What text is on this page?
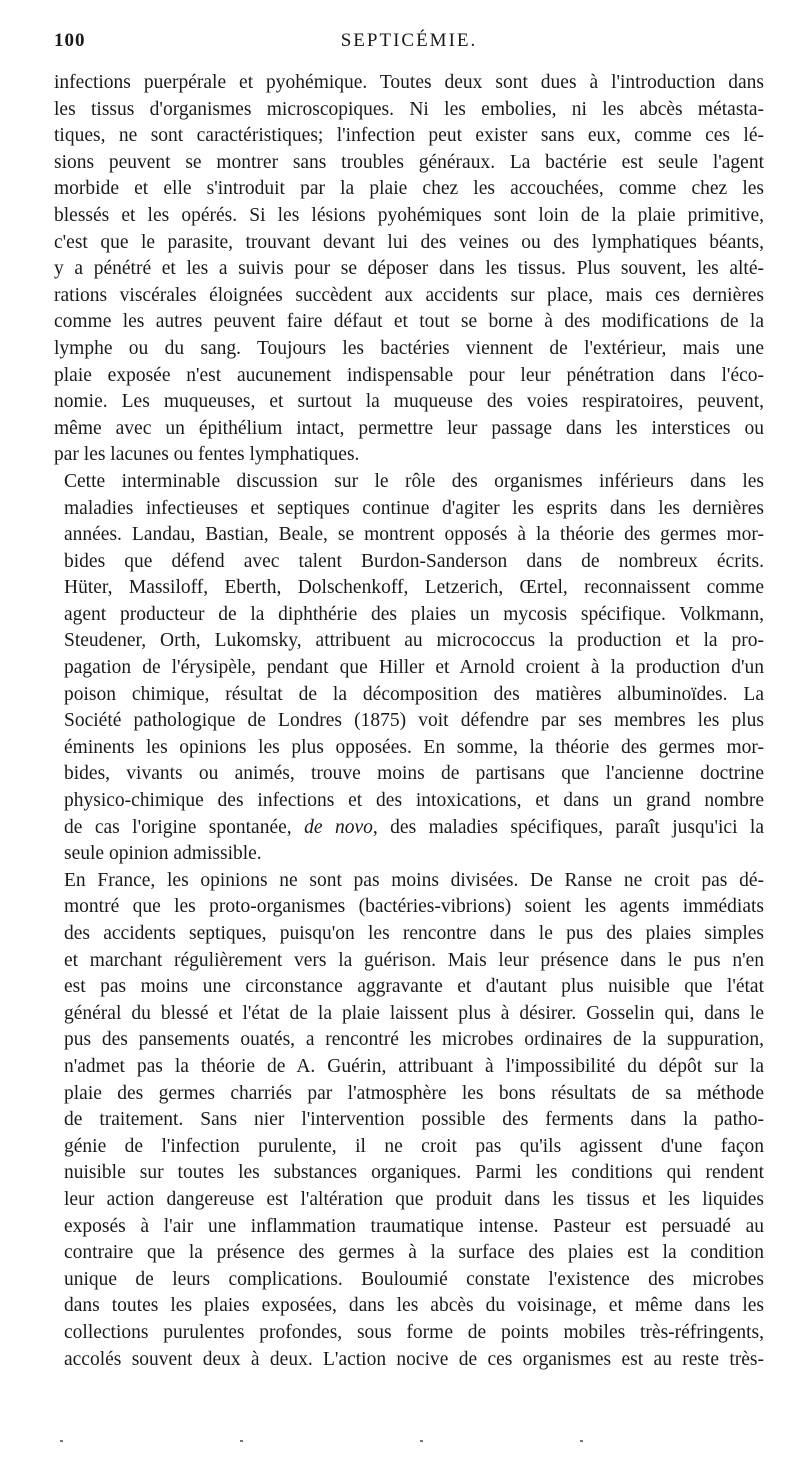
100	SEPTICÉMIE.

infections puerpérale et pyohémique. Toutes deux sont dues à l'introduction dans
les tissus d'organismes microscopiques. Ni les embolies, ni les abcès métasta-
tiques, ne sont caractéristiques; l'infection peut exister sans eux, comme ces lé-
sions peuvent se montrer sans troubles généraux. La bactérie est seule l'agent
morbide et elle s'introduit par la plaie chez les accouchées, comme chez les
blessés et les opérés. Si les lésions pyohémiques sont loin de la plaie primitive,
c'est que le parasite, trouvant devant lui des veines ou des lymphatiques béants,
y a pénétré et les a suivis pour se déposer dans les tissus. Plus souvent, les alté-
rations viscérales éloignées succèdent aux accidents sur place, mais ces dernières
comme les autres peuvent faire défaut et tout se borne à des modifications de la
lymphe ou du sang. Toujours les bactéries viennent de l'extérieur, mais une
plaie exposée n'est aucunement indispensable pour leur pénétration dans l'éco-
nomie. Les muqueuses, et surtout la muqueuse des voies respiratoires, peuvent,
même avec un épithélium intact, permettre leur passage dans les interstices ou
par les lacunes ou fentes lymphatiques.

Cette interminable discussion sur le rôle des organismes inférieurs dans les
maladies infectieuses et septiques continue d'agiter les esprits dans les dernières
années. Landau, Bastian, Beale, se montrent opposés à la théorie des germes mor-
bides que défend avec talent Burdon-Sanderson dans de nombreux écrits.
Hüter, Massiloff, Eberth, Dolschenkoff, Letzerich, Œrtel, reconnaissent comme
agent producteur de la diphthérie des plaies un mycosis spécifique. Volkmann,
Steudener, Orth, Lukomsky, attribuent au micrococcus la production et la pro-
pagation de l'érysipèle, pendant que Hiller et Arnold croient à la production d'un
poison chimique, résultat de la décomposition des matières albuminoïdes. La
Société pathologique de Londres (1875) voit défendre par ses membres les plus
éminents les opinions les plus opposées. En somme, la théorie des germes mor-
bides, vivants ou animés, trouve moins de partisans que l'ancienne doctrine
physico-chimique des infections et des intoxications, et dans un grand nombre
de cas l'origine spontanée, de novo, des maladies spécifiques, paraît jusqu'ici la
seule opinion admissible.

En France, les opinions ne sont pas moins divisées. De Ranse ne croit pas dé-
montré que les proto-organismes (bactéries-vibrions) soient les agents immédiats
des accidents septiques, puisqu'on les rencontre dans le pus des plaies simples
et marchant régulièrement vers la guérison. Mais leur présence dans le pus n'en
est pas moins une circonstance aggravante et d'autant plus nuisible que l'état
général du blessé et l'état de la plaie laissent plus à désirer. Gosselin qui, dans le
pus des pansements ouatés, a rencontré les microbes ordinaires de la suppuration,
n'admet pas la théorie de A. Guérin, attribuant à l'impossibilité du dépôt sur la
plaie des germes charriés par l'atmosphère les bons résultats de sa méthode
de traitement. Sans nier l'intervention possible des ferments dans la patho-
génie de l'infection purulente, il ne croit pas qu'ils agissent d'une façon
nuisible sur toutes les substances organiques. Parmi les conditions qui rendent
leur action dangereuse est l'altération que produit dans les tissus et les liquides
exposés à l'air une inflammation traumatique intense. Pasteur est persuadé au
contraire que la présence des germes à la surface des plaies est la condition
unique de leurs complications. Bouloumié constate l'existence des microbes
dans toutes les plaies exposées, dans les abcès du voisinage, et même dans les
collections purulentes profondes, sous forme de points mobiles très-réfringents,
accolés souvent deux à deux. L'action nocive de ces organismes est au reste très-
